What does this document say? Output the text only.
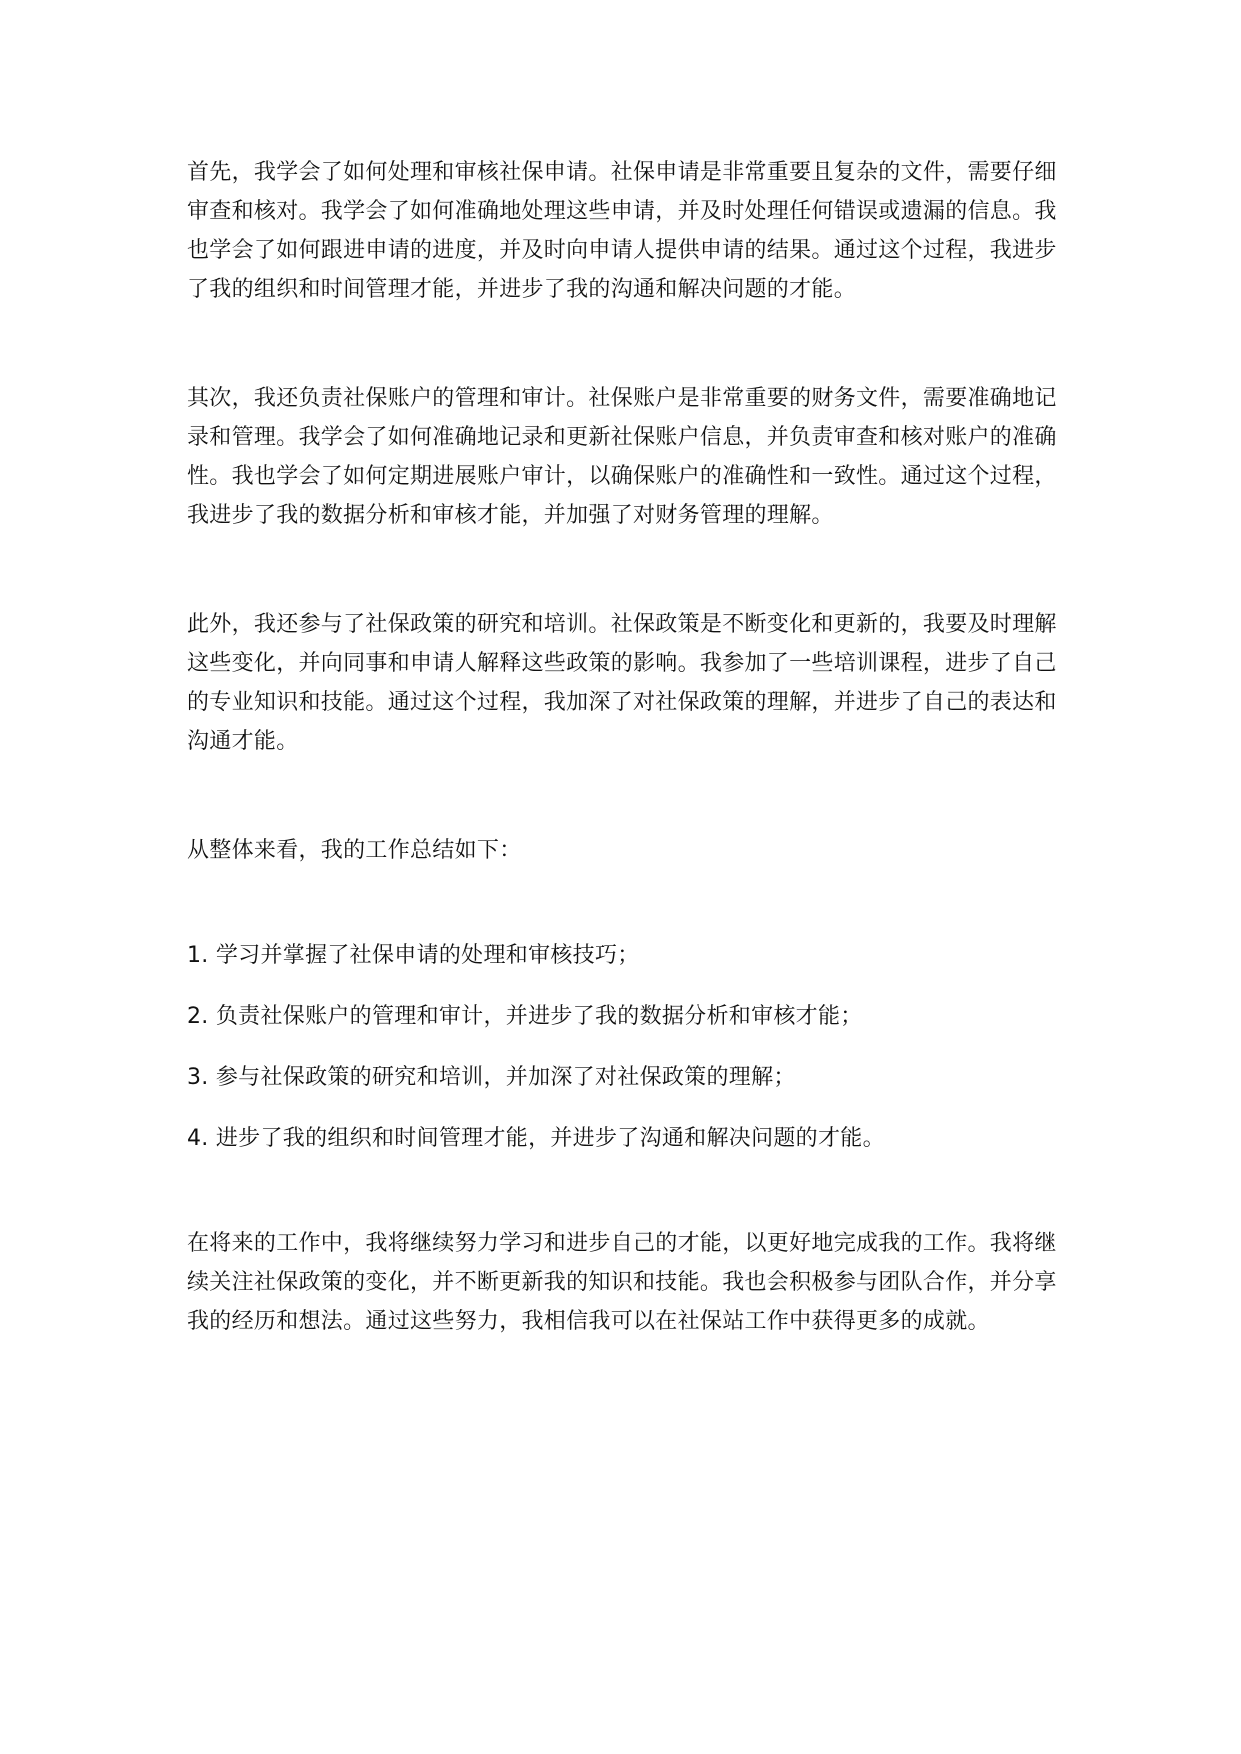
首先，我学会了如何处理和审核社保申请。社保申请是非常重要且复杂的文件，需要仔细审查和核对。我学会了如何准确地处理这些申请，并及时处理任何错误或遗漏的信息。我也学会了如何跟进申请的进度，并及时向申请人提供申请的结果。通过这个过程，我进步了我的组织和时间管理才能，并进步了我的沟通和解决问题的才能。

其次，我还负责社保账户的管理和审计。社保账户是非常重要的财务文件，需要准确地记录和管理。我学会了如何准确地记录和更新社保账户信息，并负责审查和核对账户的准确性。我也学会了如何定期进展账户审计，以确保账户的准确性和一致性。通过这个过程，我进步了我的数据分析和审核才能，并加强了对财务管理的理解。

此外，我还参与了社保政策的研究和培训。社保政策是不断变化和更新的，我要及时理解这些变化，并向同事和申请人解释这些政策的影响。我参加了一些培训课程，进步了自己的专业知识和技能。通过这个过程，我加深了对社保政策的理解，并进步了自己的表达和沟通才能。

从整体来看，我的工作总结如下：

1. 学习并掌握了社保申请的处理和审核技巧；
2. 负责社保账户的管理和审计，并进步了我的数据分析和审核才能；
3. 参与社保政策的研究和培训，并加深了对社保政策的理解；
4. 进步了我的组织和时间管理才能，并进步了沟通和解决问题的才能。

在将来的工作中，我将继续努力学习和进步自己的才能，以更好地完成我的工作。我将继续关注社保政策的变化，并不断更新我的知识和技能。我也会积极参与团队合作，并分享我的经历和想法。通过这些努力，我相信我可以在社保站工作中获得更多的成就。
